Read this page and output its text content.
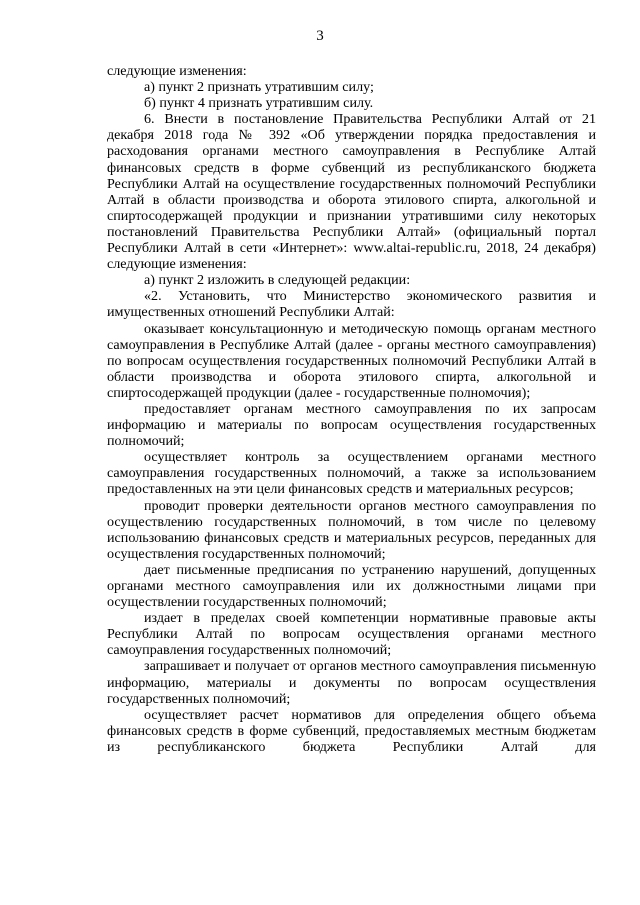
3

следующие изменения:

а) пункт 2 признать утратившим силу;

б) пункт 4 признать утратившим силу.

6. Внести в постановление Правительства Республики Алтай от 21 декабря 2018 года № 392 «Об утверждении порядка предоставления и расходования органами местного самоуправления в Республике Алтай финансовых средств в форме субвенций из республиканского бюджета Республики Алтай на осуществление государственных полномочий Республики Алтай в области производства и оборота этилового спирта, алкогольной и спиртосодержащей продукции и признании утратившими силу некоторых постановлений Правительства Республики Алтай» (официальный портал Республики Алтай в сети «Интернет»: www.altai-republic.ru, 2018, 24 декабря) следующие изменения:

а) пункт 2 изложить в следующей редакции:

«2. Установить, что Министерство экономического развития и имущественных отношений Республики Алтай:

оказывает консультационную и методическую помощь органам местного самоуправления в Республике Алтай (далее - органы местного самоуправления) по вопросам осуществления государственных полномочий Республики Алтай в области производства и оборота этилового спирта, алкогольной и спиртосодержащей продукции (далее - государственные полномочия);

предоставляет органам местного самоуправления по их запросам информацию и материалы по вопросам осуществления государственных полномочий;

осуществляет контроль за осуществлением органами местного самоуправления государственных полномочий, а также за использованием предоставленных на эти цели финансовых средств и материальных ресурсов;

проводит проверки деятельности органов местного самоуправления по осуществлению государственных полномочий, в том числе по целевому использованию финансовых средств и материальных ресурсов, переданных для осуществления государственных полномочий;

дает письменные предписания по устранению нарушений, допущенных органами местного самоуправления или их должностными лицами при осуществлении государственных полномочий;

издает в пределах своей компетенции нормативные правовые акты Республики Алтай по вопросам осуществления органами местного самоуправления государственных полномочий;

запрашивает и получает от органов местного самоуправления письменную информацию, материалы и документы по вопросам осуществления государственных полномочий;

осуществляет расчет нормативов для определения общего объема финансовых средств в форме субвенций, предоставляемых местным бюджетам из республиканского бюджета Республики Алтай для
